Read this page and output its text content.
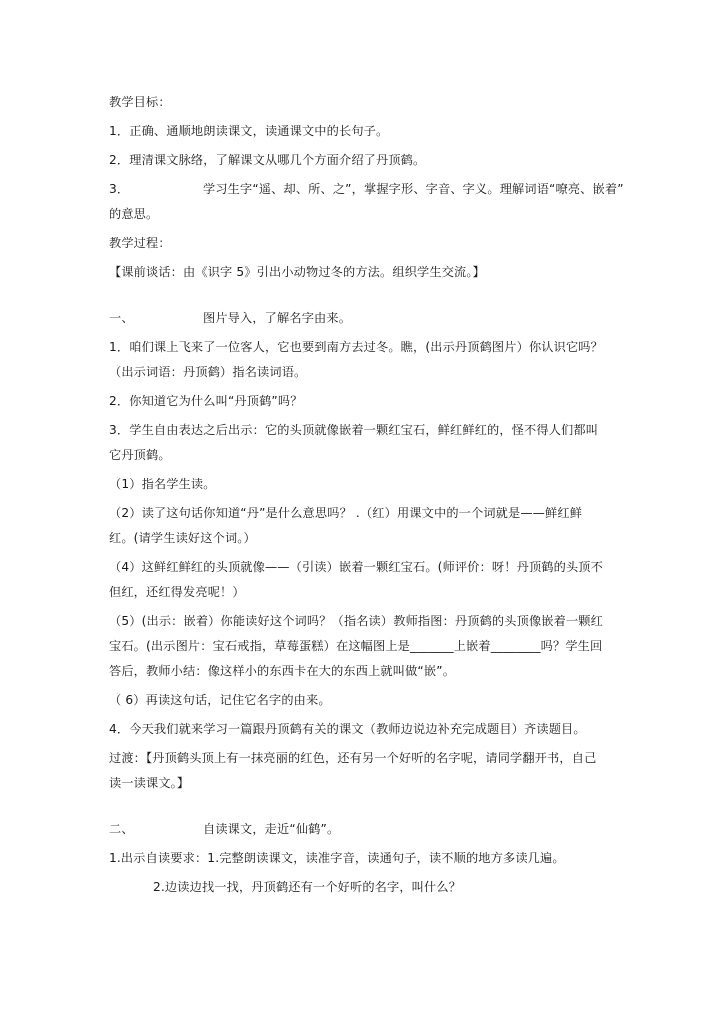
教学目标：
1．正确、通顺地朗读课文，读通课文中的长句子。
2．理清课文脉络，了解课文从哪几个方面介绍了丹顶鹤。
3．	学习生字“遥、却、所、之”，掌握字形、字音、字义。理解词语“嘹亮、嵌着”
的意思。
教学过程：
【课前谈话：由《识字 5》引出小动物过冬的方法。组织学生交流。】
一、	图片导入，了解名字由来。
1．咱们课上飞来了一位客人，它也要到南方去过冬。瞧，(出示丹顶鹤图片）你认识它吗？
（出示词语：丹顶鹤）指名读词语。
2．你知道它为什么叫“丹顶鹤”吗？
3．学生自由表达之后出示：它的头顶就像嵌着一颗红宝石，鲜红鲜红的，怪不得人们都叫
它丹顶鹤。
（1）指名学生读。
（2）读了这句话你知道“丹”是什么意思吗？ .（红）用课文中的一个词就是——鲜红鲜
红。(请学生读好这个词。）
（4）这鲜红鲜红的头顶就像——（引读）嵌着一颗红宝石。(师评价：呀！丹顶鹤的头顶不
但红，还红得发亮呢！）
（5）(出示：嵌着）你能读好这个词吗？（指名读）教师指图：丹顶鹤的头顶像嵌着一颗红
宝石。(出示图片：宝石戒指，草莓蛋糕）在这幅图上是_______上嵌着________吗？学生回
答后，教师小结：像这样小的东西卡在大的东西上就叫做“嵌”。
（ 6）再读这句话，记住它名字的由来。
4．今天我们就来学习一篇跟丹顶鹤有关的课文（教师边说边补充完成题目）齐读题目。
过渡：【丹顶鹤头顶上有一抹亮丽的红色，还有另一个好听的名字呢，请同学翻开书，自己
读一读课文。】
二、	自读课文，走近“仙鹤”。
1.出示自读要求：1.完整朗读课文，读准字音，读通句子，读不顺的地方多读几遍。
2.边读边找一找，丹顶鹤还有一个好听的名字，叫什么？
